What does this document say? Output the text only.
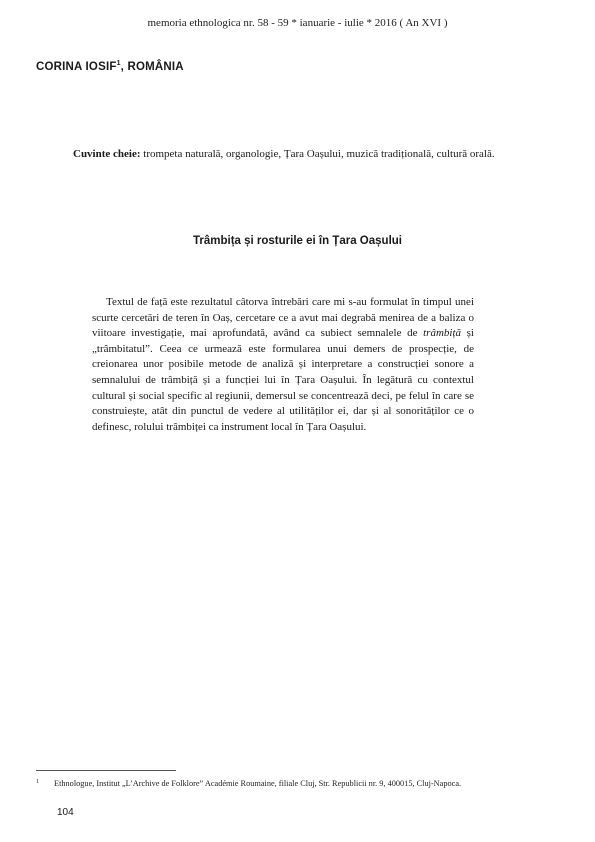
memoria ethnologica nr. 58 - 59 * ianuarie - iulie * 2016 ( An XVI )
CORINA IOSIF$^1$, ROMÂNIA
Cuvinte cheie: trompeta naturală, organologie, Țara Oașului, muzică tradițională, cultură orală.
Trâmbița și rosturile ei în Țara Oașului

Textul de față este rezultatul câtorva întrebări care mi s-au formulat în timpul unei scurte cercetări de teren în Oaș, cercetare ce a avut mai degrabă menirea de a baliza o viitoare investigație, mai aprofundată, având ca subiect semnalele de trâmbiță și „trâmbitatul”. Ceea ce urmează este formularea unui demers de prospecție, de creionarea unor posibile metode de analiză și interpretare a construcției sonore a semnalului de trâmbiță și a funcției lui în Țara Oașului. În legătură cu contextul cultural și social specific al regiunii, demersul se concentrează deci, pe felul în care se construiește, atât din punctul de vedere al utilităților ei, dar și al sonorităților ce o definesc, rolului trâmbiței ca instrument local în Țara Oașului.

1 Ethnologue, Institut „L’Archive de Folklore” Académie Roumaine, filiale Cluj, Str. Republicii nr. 9, 400015, Cluj-Napoca.
104
